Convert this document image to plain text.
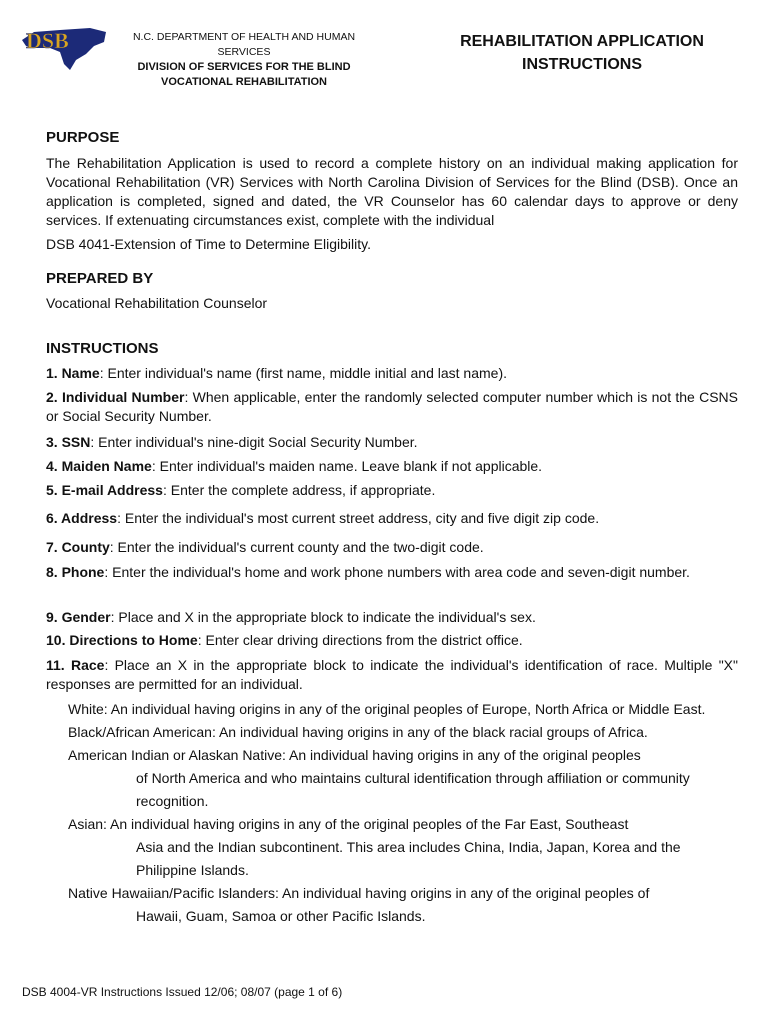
DSB	N.C. DEPARTMENT OF HEALTH AND HUMAN SERVICES
DIVISION OF SERVICES FOR THE BLIND
VOCATIONAL REHABILITATION
REHABILITATION APPLICATION
INSTRUCTIONS
PURPOSE
The Rehabilitation Application is used to record a complete history on an individual making application for Vocational Rehabilitation (VR) Services with North Carolina Division of Services for the Blind (DSB). Once an application is completed, signed and dated, the VR Counselor has 60 calendar days to approve or deny services. If extenuating circumstances exist, complete with the individual
DSB 4041-Extension of Time to Determine Eligibility.
PREPARED BY
Vocational Rehabilitation Counselor
INSTRUCTIONS
1. Name: Enter individual's name (first name, middle initial and last name).
2. Individual Number: When applicable, enter the randomly selected computer number which is not the CSNS or Social Security Number.
3. SSN: Enter individual's nine-digit Social Security Number.
4. Maiden Name: Enter individual's maiden name. Leave blank if not applicable.
5. E-mail Address: Enter the complete address, if appropriate.
6. Address: Enter the individual's most current street address, city and five digit zip code.
7. County: Enter the individual's current county and the two-digit code.
8. Phone: Enter the individual's home and work phone numbers with area code and seven-digit number.
9. Gender: Place and X in the appropriate block to indicate the individual's sex.
10. Directions to Home: Enter clear driving directions from the district office.
11. Race: Place an X in the appropriate block to indicate the individual's identification of race. Multiple "X" responses are permitted for an individual.
White: An individual having origins in any of the original peoples of Europe, North Africa or Middle East.
Black/African American: An individual having origins in any of the black racial groups of Africa.
American Indian or Alaskan Native: An individual having origins in any of the original peoples
of North America and who maintains cultural identification through affiliation or community recognition.
Asian: An individual having origins in any of the original peoples of the Far East, Southeast
Asia and the Indian subcontinent. This area includes China, India, Japan, Korea and the Philippine Islands.
Native Hawaiian/Pacific Islanders: An individual having origins in any of the original peoples of
Hawaii, Guam, Samoa or other Pacific Islands.
DSB 4004-VR Instructions Issued 12/06; 08/07 (page 1 of 6)
